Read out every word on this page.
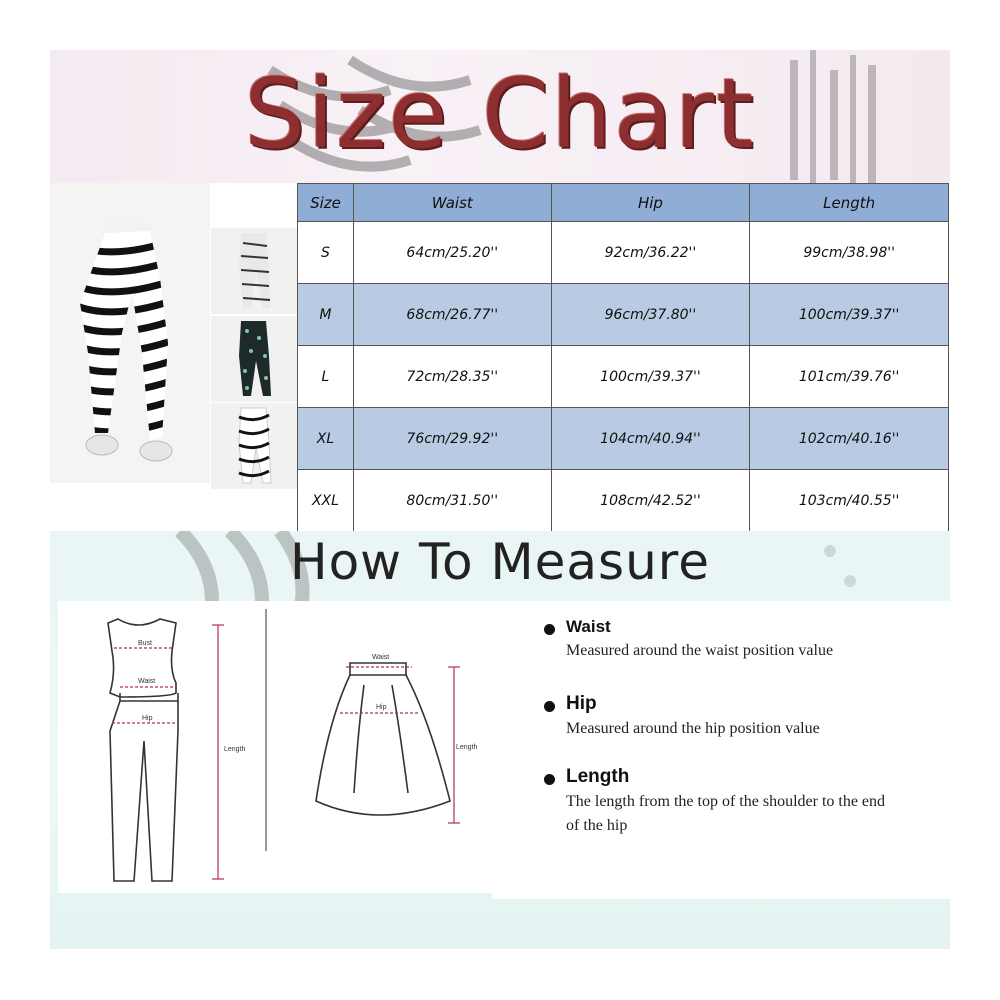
Size Chart
Size	Waist	Hip	Length
S	64cm/25.20''	92cm/36.22''	99cm/38.98''
M	68cm/26.77''	96cm/37.80''	100cm/39.37''
L	72cm/28.35''	100cm/39.37''	101cm/39.76''
XL	76cm/29.92''	104cm/40.94''	102cm/40.16''
XXL	80cm/31.50''	108cm/42.52''	103cm/40.55''
How To Measure
Bust
Waist
Hip
Length
Waist
Hip
Length
Waist
Measured around the waist position value
Hip
Measured around the hip position value
Length
The length from the top of the shoulder to the end of the hip
